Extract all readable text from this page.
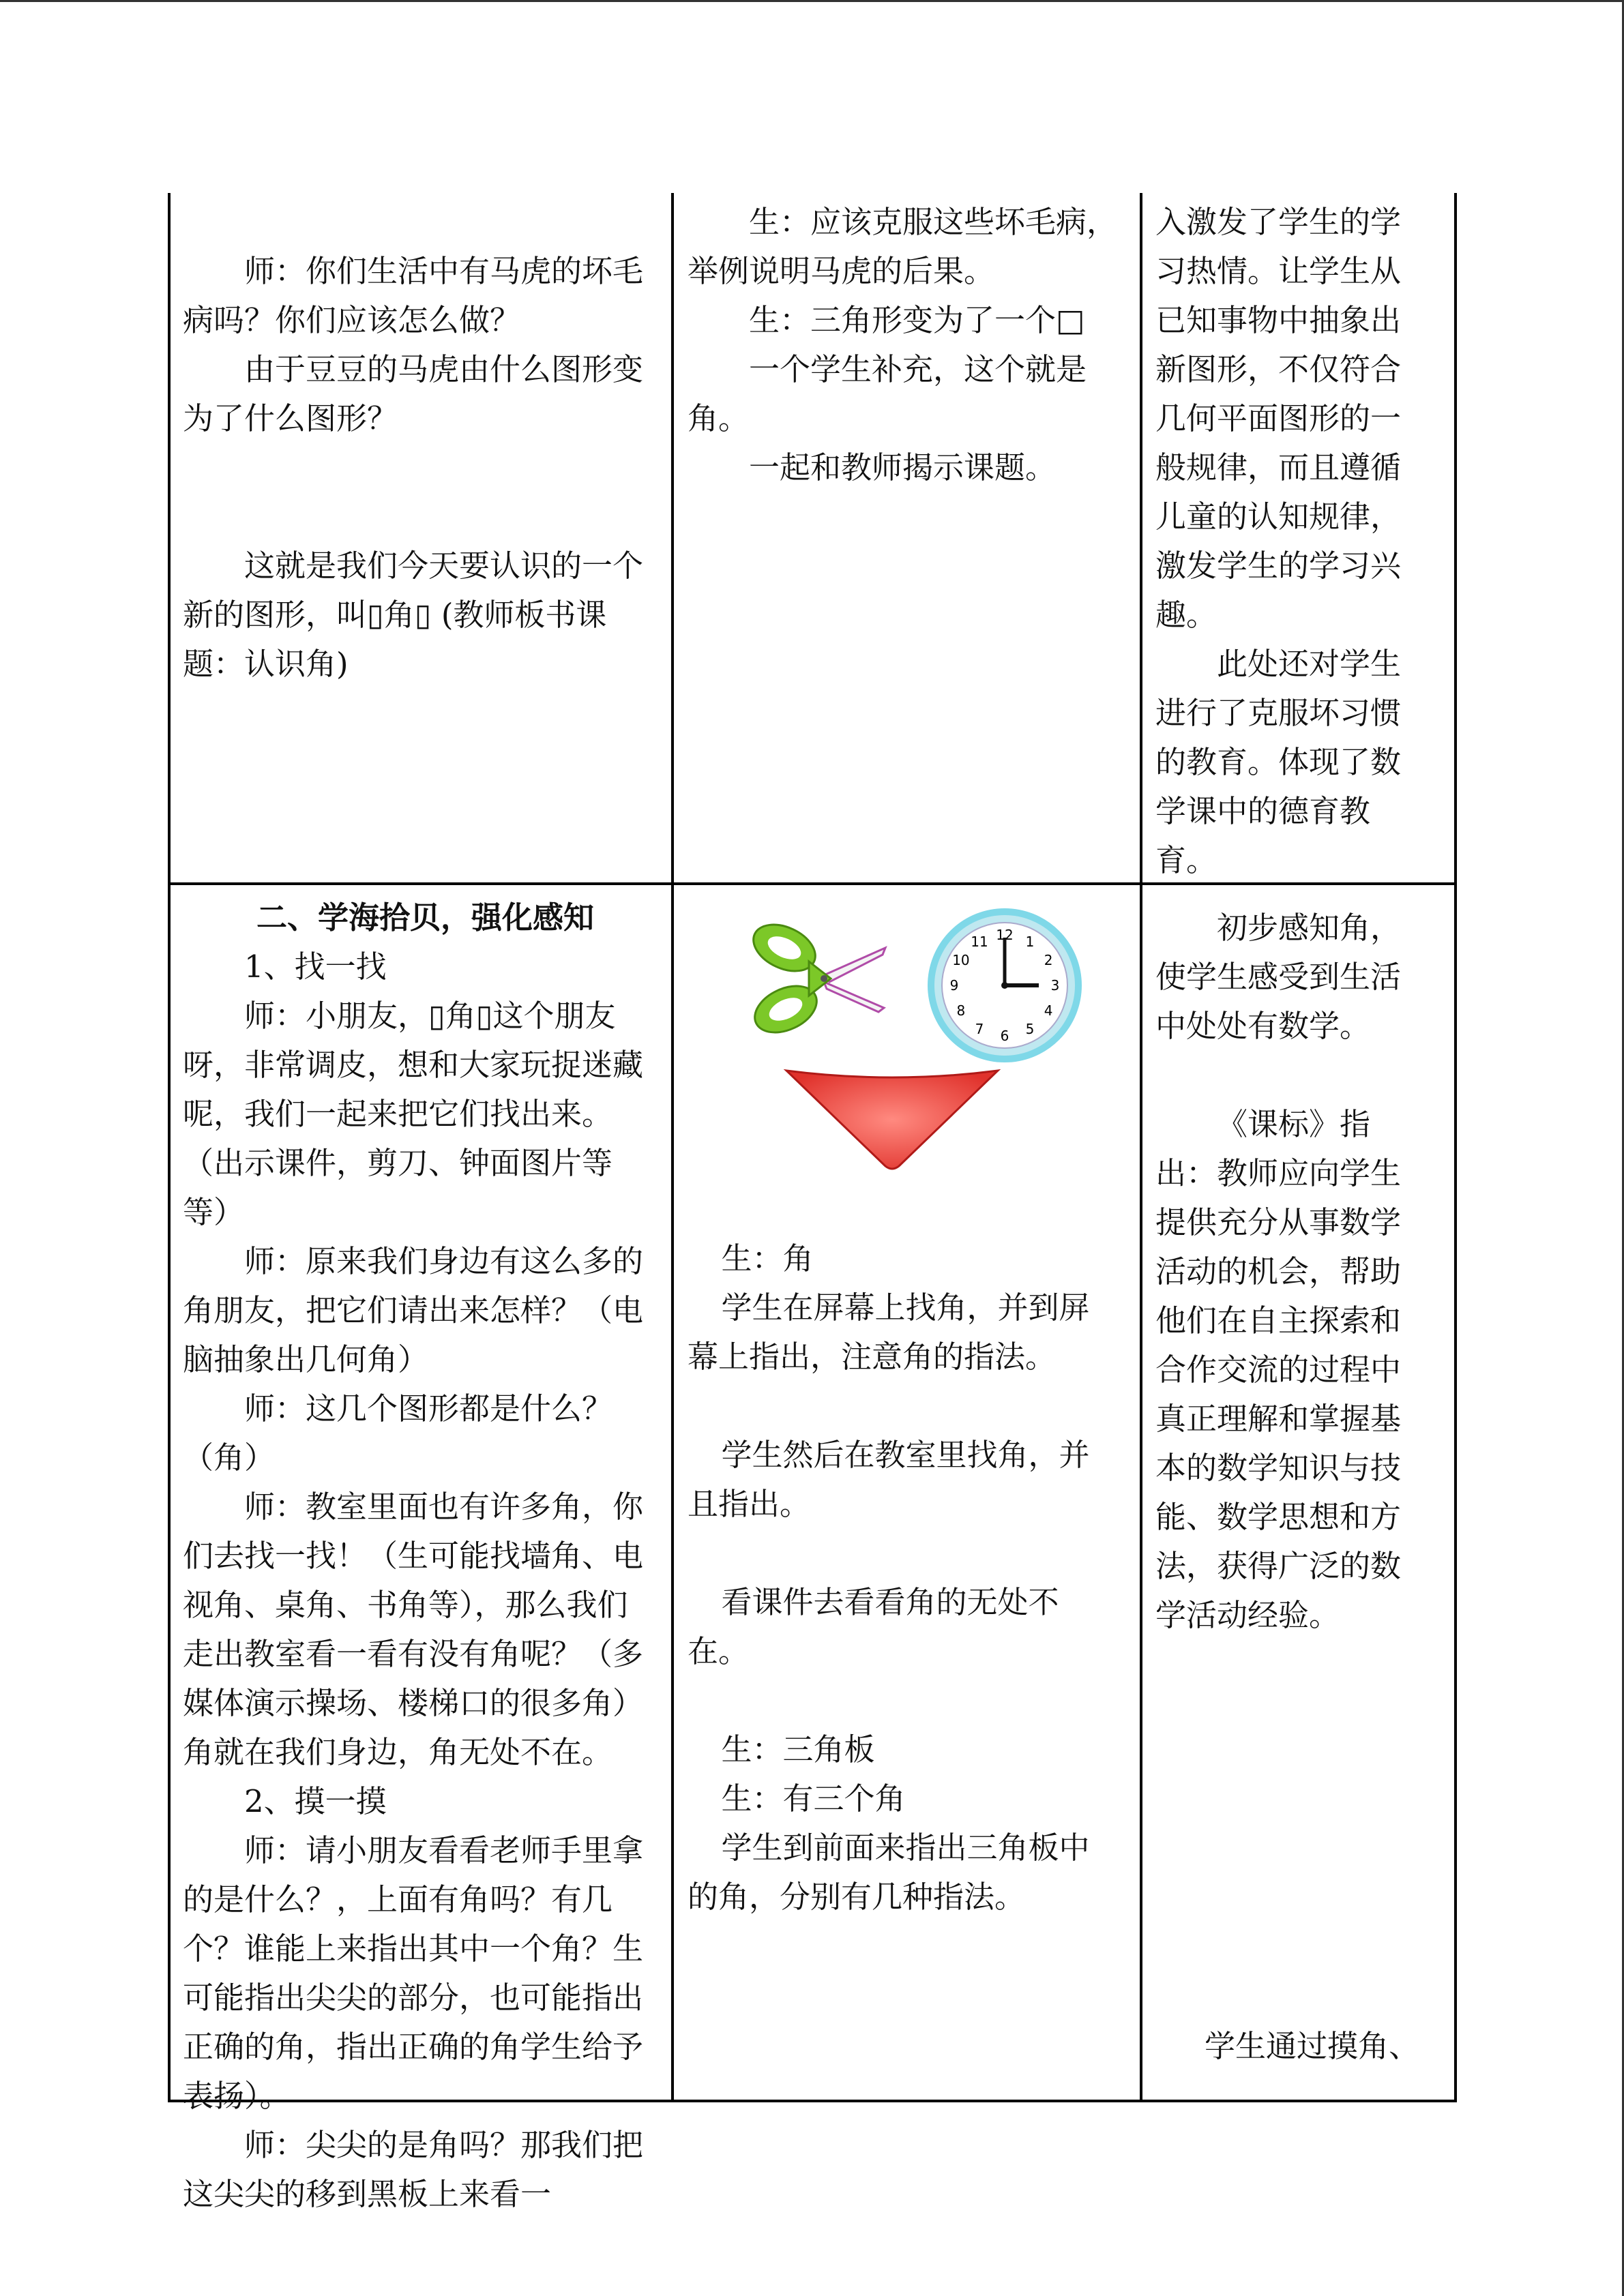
师：你们生活中有马虎的坏毛病吗？你们应该怎么做？

由于豆豆的马虎由什么图形变为了什么图形？

这就是我们今天要认识的一个新的图形，叫▯角▯ (教师板书课题：认识角)

生：应该克服这些坏毛病，举例说明马虎的后果。

生：三角形变为了一个□

一个学生补充，这个就是角。

一起和教师揭示课题。

入激发了学生的学习热情。让学生从已知事物中抽象出新图形，不仅符合几何平面图形的一般规律，而且遵循儿童的认知规律，激发学生的学习兴趣。

此处还对学生进行了克服坏习惯的教育。体现了数学课中的德育教育。

二、学海拾贝，强化感知

1、找一找

师：小朋友，▯角▯这个朋友呀，非常调皮，想和大家玩捉迷藏呢，我们一起来把它们找出来。（出示课件，剪刀、钟面图片等等）

师：原来我们身边有这么多的角朋友，把它们请出来怎样？（电脑抽象出几何角）

师：这几个图形都是什么？（角）

师：教室里面也有许多角，你们去找一找！（生可能找墙角、电视角、桌角、书角等），那么我们走出教室看一看有没有角呢？（多媒体演示操场、楼梯口的很多角）角就在我们身边，角无处不在。

2、摸一摸

师：请小朋友看看老师手里拿的是什么？，上面有角吗？有几个？谁能上来指出其中一个角？生可能指出尖尖的部分，也可能指出正确的角，指出正确的角学生给予表扬）。

师：尖尖的是角吗？那我们把这尖尖的移到黑板上来看一

12 1
2
3
4
5
6
7
8
9
10
11

生：角

学生在屏幕上找角，并到屏幕上指出，注意角的指法。

学生然后在教室里找角，并且指出。

看课件去看看角的无处不在。

生：三角板

生：有三个角

学生到前面来指出三角板中的角，分别有几种指法。

初步感知角，使学生感受到生活中处处有数学。

《课标》指出：教师应向学生提供充分从事数学活动的机会，帮助他们在自主探索和合作交流的过程中真正理解和掌握基本的数学知识与技能、数学思想和方法，获得广泛的数学活动经验。

学生通过摸角、
